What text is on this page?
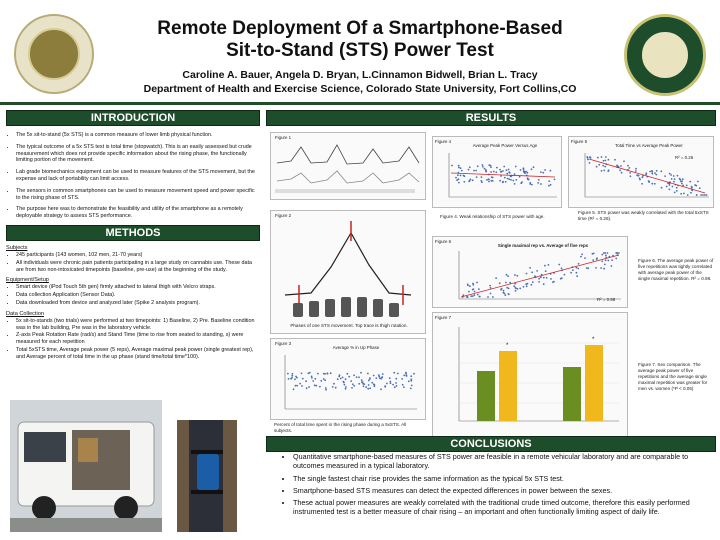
Remote Deployment Of a Smartphone-Based
Sit-to-Stand (STS) Power Test
Caroline A. Bauer, Angela D. Bryan, L.Cinnamon Bidwell, Brian L. Tracy
Department of Health and Exercise Science, Colorado State University, Fort Collins,CO
INTRODUCTION
• The 5x sit-to-stand (5x STS) is a common measure of lower limb physical function.
• The typical outcome of a 5x STS test is total time (stopwatch). This is an easily assessed but crude measurement which does not provide specific information about the rising phase, the functionally limiting portion of the movement.
• Lab grade biomechanics equipment can be used to measure features of the STS movement, but the expense and lack of portability can limit access.
• The sensors in common smartphones can be used to measure movement speed and power specific to the rising phase of STS.
• The purpose here was to demonstrate the feasibility and utility of the smartphone as a remotely deployable strategy to assess STS performance.
METHODS
Subjects
• 245 participants (143 women, 102 men, 21-70 years)
• All individuals were chronic pain patients participating in a large study on cannabis use. These data are from two non-intoxicated timepoints (baseline, pre-use) at the beginning of the study.
Equipment/Setup
• Smart device (iPod Touch 5th gen) firmly attached to lateral thigh with Velcro straps.
• Data collection Application (Sensor Data).
• Data downloaded from device and analyzed later (Spike 2 analysis program).
Data Collection
• 5x sit-to-stands (two trials) were performed at two timepoints: 1) Baseline, 2) Pre. Baseline condition was in the lab building, Pre was in the laboratory vehicle.
• Z-axis Peak Rotation Rate (rad/s) and Stand Time (time to rise from seated to standing, s) were measured for each repetition
• Total 5xSTS time, Average peak power (5 reps), Average maximal peak power (single greatest rep), and Average percent of total time in the up phase (stand time/total time*100).
RESULTS
Figure 1
Figure 2
Phases of one STS movement. Top trace is thigh rotation.
Figure 3
Average % in Up Phase
Percent of total time spent in the rising phase during a 5xSTS. All subjects.
Figure 4
Average Peak Power Versus Age
Figure 4. Weak relationship of STS power with age.
Figure 5
Total Time vs Average Peak Power
R² = 0.26
Figure 5. STS power was weakly correlated with the total 5xSTS time (R² = 0.26).
Figure 6
Single maximal rep vs. Average of five reps
R² = 0.98
Figure 6. The average peak power of five repetitions was tightly correlated with average peak power of the single maximal repetition. R² = 0.98.
Figure 7
*
*
Figure 7. Sex comparison. The average peak power of five repetitions and the average single maximal repetition was greater for men vs. women (*P < 0.05)
CONCLUSIONS
• Quantitative smartphone-based measures of STS power are feasible in a remote vehicular laboratory and are comparable to outcomes measured in a typical laboratory.
• The single fastest chair rise provides the same information as the typical 5x STS test.
• Smartphone-based STS measures can detect the expected differences in power between the sexes.
• These actual power measures are weakly correlated with the traditional crude timed outcome, therefore this easily performed instrumented test is a better measure of chair rising – an important and often functionally limiting aspect of daily life.
